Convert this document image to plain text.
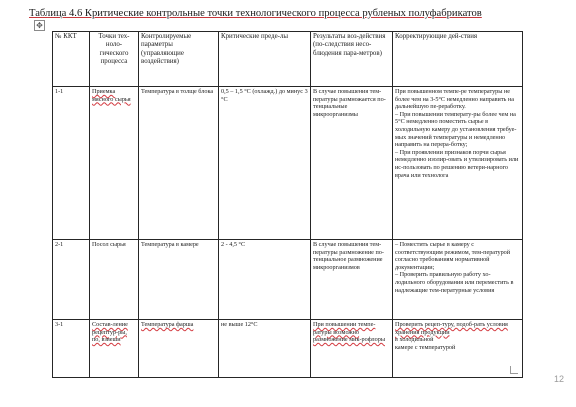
Таблица 4.6 Критические контрольные точки технологического процесса рубленых полуфабрикатов
✥
№ ККТ	Точки тех-нолo-гического процесса	Контролируемые параметры (управляющие воздействия)	Критические преде-лы	Результаты воз-действия (по-следствия несо-блюдения пара-метров)	Корректирующие дей-ствия
1-1	Приемка мясного сырья	Температура в толще блока	0,5 – 1,5 °С (охлажд.) до минус 3 °С	В случае повышения тем-пературы размножается по-тенциальные микроорганизмы	При повышенном темпе-ре температуры не более чем на 3-5°С немедленно направить на дальнейшую пе-реработку.
– При повышении температу-ры более чем на 5°С немедленно поместить сырье в холодильную камеру до установления требуе-мых значений температуры и немедленно направить на перера-ботку;
– При проявлении признаков порчи сырья немедленно изолир-овать и утилизировать или ис-пользовать по решению ветери-нарного врача или технолога

2-1	Посол сырья	Температура в камере	2 - 4,5 °С	В случае повышения тем-пературы размножение по-тенциальное размножение микроорганизмов	– Поместить сырье в камеру с соответствующим режимом, тем-пературой согласно требованиям нормативной документации;
– Проверить правильную работу хо-лодильного оборудования или переместить в надлежащие тем-пературные условия

3-1	Состав-ление рецептур-ры, по, взвеши	Температура фарша	не выше 12°С	При повышении темпе-ратуры возможно размножение мик-рофлоры	Проверить рецеп-туру, подоб-рать условия
хранения продукции
в холодильной
камере с температурой
12
